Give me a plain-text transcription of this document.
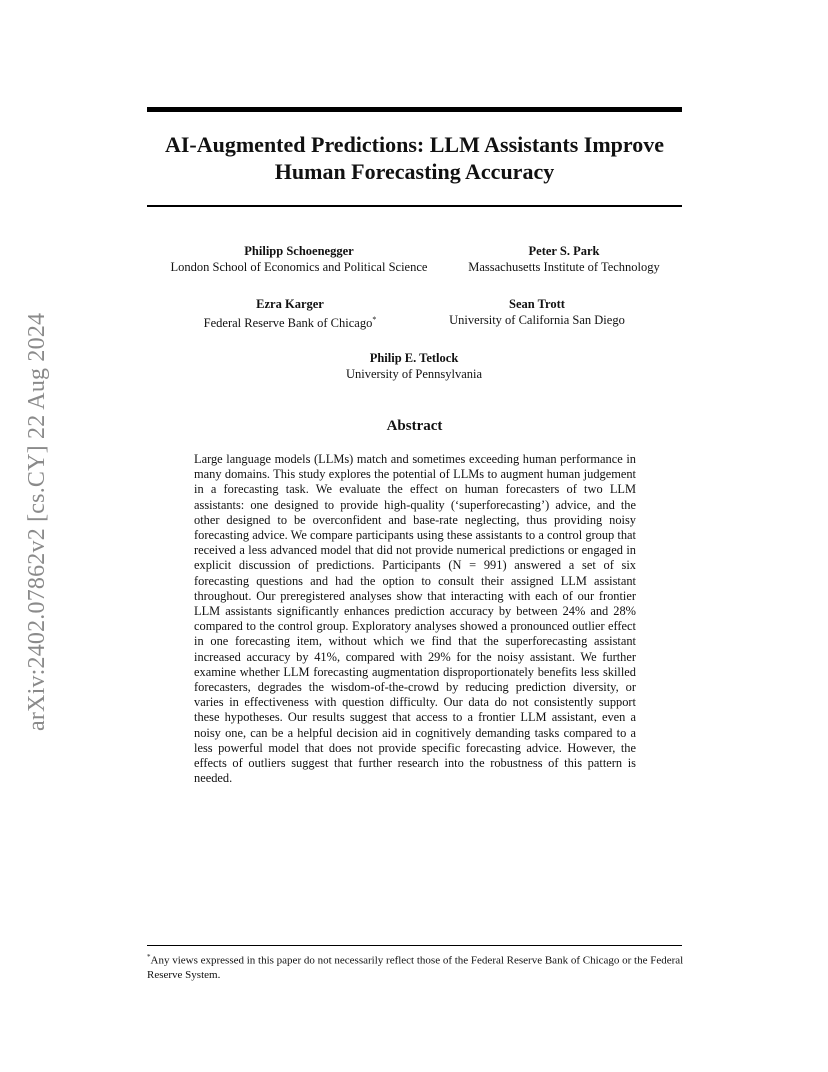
arXiv:2402.07862v2 [cs.CY] 22 Aug 2024
AI-Augmented Predictions: LLM Assistants Improve Human Forecasting Accuracy
Philipp Schoenegger
London School of Economics and Political Science
Peter S. Park
Massachusetts Institute of Technology
Ezra Karger
Federal Reserve Bank of Chicago*
Sean Trott
University of California San Diego
Philip E. Tetlock
University of Pennsylvania
Abstract
Large language models (LLMs) match and sometimes exceeding human performance in many domains. This study explores the potential of LLMs to augment human judgement in a forecasting task. We evaluate the effect on human forecasters of two LLM assistants: one designed to provide high-quality (‘superforecasting’) advice, and the other designed to be overconfident and base-rate neglecting, thus providing noisy forecasting advice. We compare participants using these assistants to a control group that received a less advanced model that did not provide numerical predictions or engaged in explicit discussion of predictions. Participants (N = 991) answered a set of six forecasting questions and had the option to consult their assigned LLM assistant throughout. Our preregistered analyses show that interacting with each of our frontier LLM assistants significantly enhances prediction accuracy by between 24% and 28% compared to the control group. Exploratory analyses showed a pronounced outlier effect in one forecasting item, without which we find that the superforecasting assistant increased accuracy by 41%, compared with 29% for the noisy assistant. We further examine whether LLM forecasting augmentation disproportionately benefits less skilled forecasters, degrades the wisdom-of-the-crowd by reducing prediction diversity, or varies in effectiveness with question difficulty. Our data do not consistently support these hypotheses. Our results suggest that access to a frontier LLM assistant, even a noisy one, can be a helpful decision aid in cognitively demanding tasks compared to a less powerful model that does not provide specific forecasting advice. However, the effects of outliers suggest that further research into the robustness of this pattern is needed.
*Any views expressed in this paper do not necessarily reflect those of the Federal Reserve Bank of Chicago or the Federal Reserve System.
